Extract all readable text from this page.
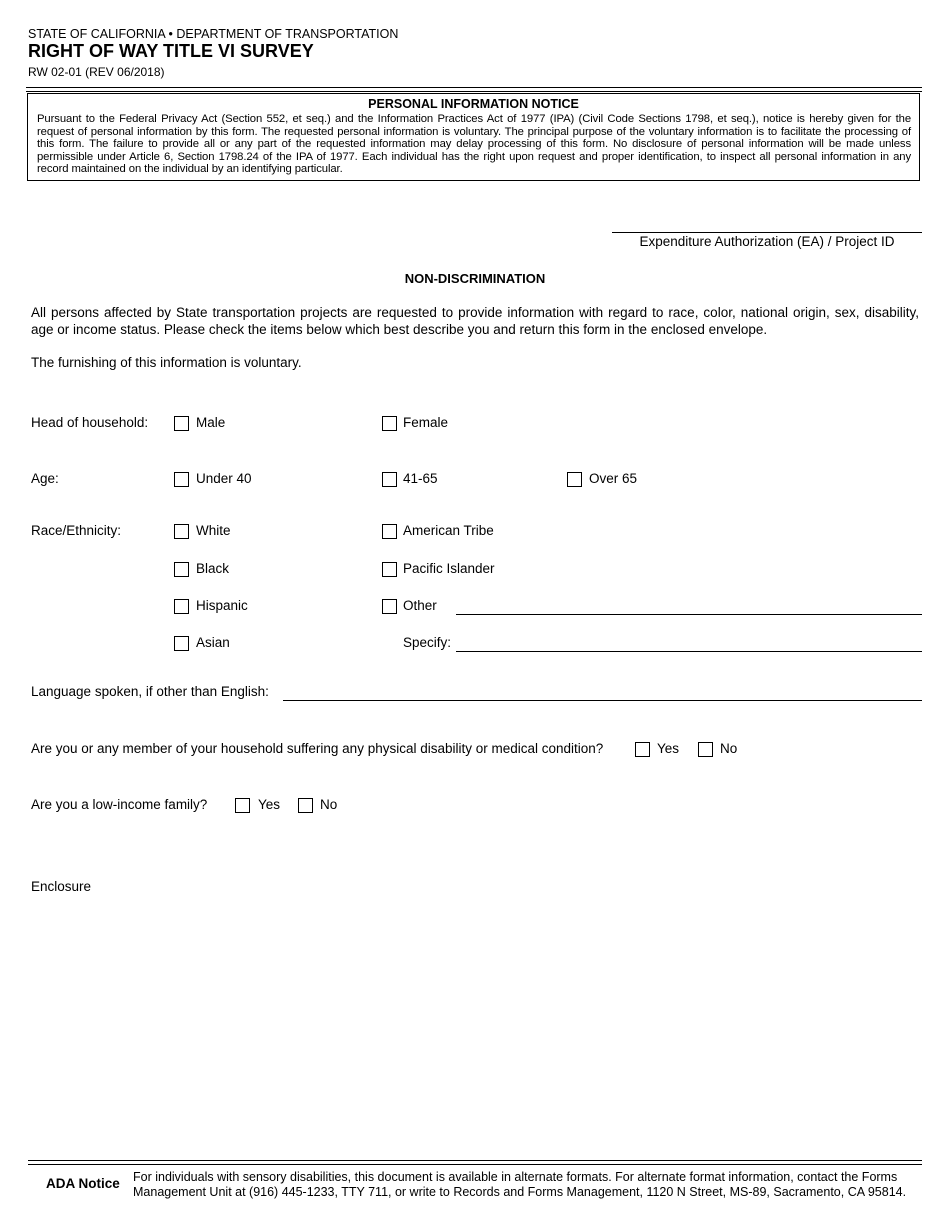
STATE OF CALIFORNIA • DEPARTMENT OF TRANSPORTATION
RIGHT OF WAY TITLE VI SURVEY
RW 02-01 (REV 06/2018)
PERSONAL INFORMATION NOTICE
Pursuant to the Federal Privacy Act (Section 552, et seq.) and the Information Practices Act of 1977 (IPA) (Civil Code Sections 1798, et seq.), notice is hereby given for the request of personal information by this form. The requested personal information is voluntary. The principal purpose of the voluntary information is to facilitate the processing of this form. The failure to provide all or any part of the requested information may delay processing of this form. No disclosure of personal information will be made unless permissible under Article 6, Section 1798.24 of the IPA of 1977. Each individual has the right upon request and proper identification, to inspect all personal information in any record maintained on the individual by an identifying particular.
Expenditure Authorization (EA) / Project ID
NON-DISCRIMINATION
All persons affected by State transportation projects are requested to provide information with regard to race, color, national origin, sex, disability, age or income status. Please check the items below which best describe you and return this form in the enclosed envelope.
The furnishing of this information is voluntary.
Head of household:	Male	Female
Age:	Under 40	41-65	Over 65
Race/Ethnicity:	White	American Tribe
Black	Pacific Islander
Hispanic	Other
Asian	Specify:
Language spoken, if other than English:
Are you or any member of your household suffering any physical disability or medical condition?	Yes	No
Are you a low-income family?	Yes	No
Enclosure
ADA Notice For individuals with sensory disabilities, this document is available in alternate formats. For alternate format information, contact the Forms Management Unit at (916) 445-1233, TTY 711, or write to Records and Forms Management, 1120 N Street, MS-89, Sacramento, CA 95814.
